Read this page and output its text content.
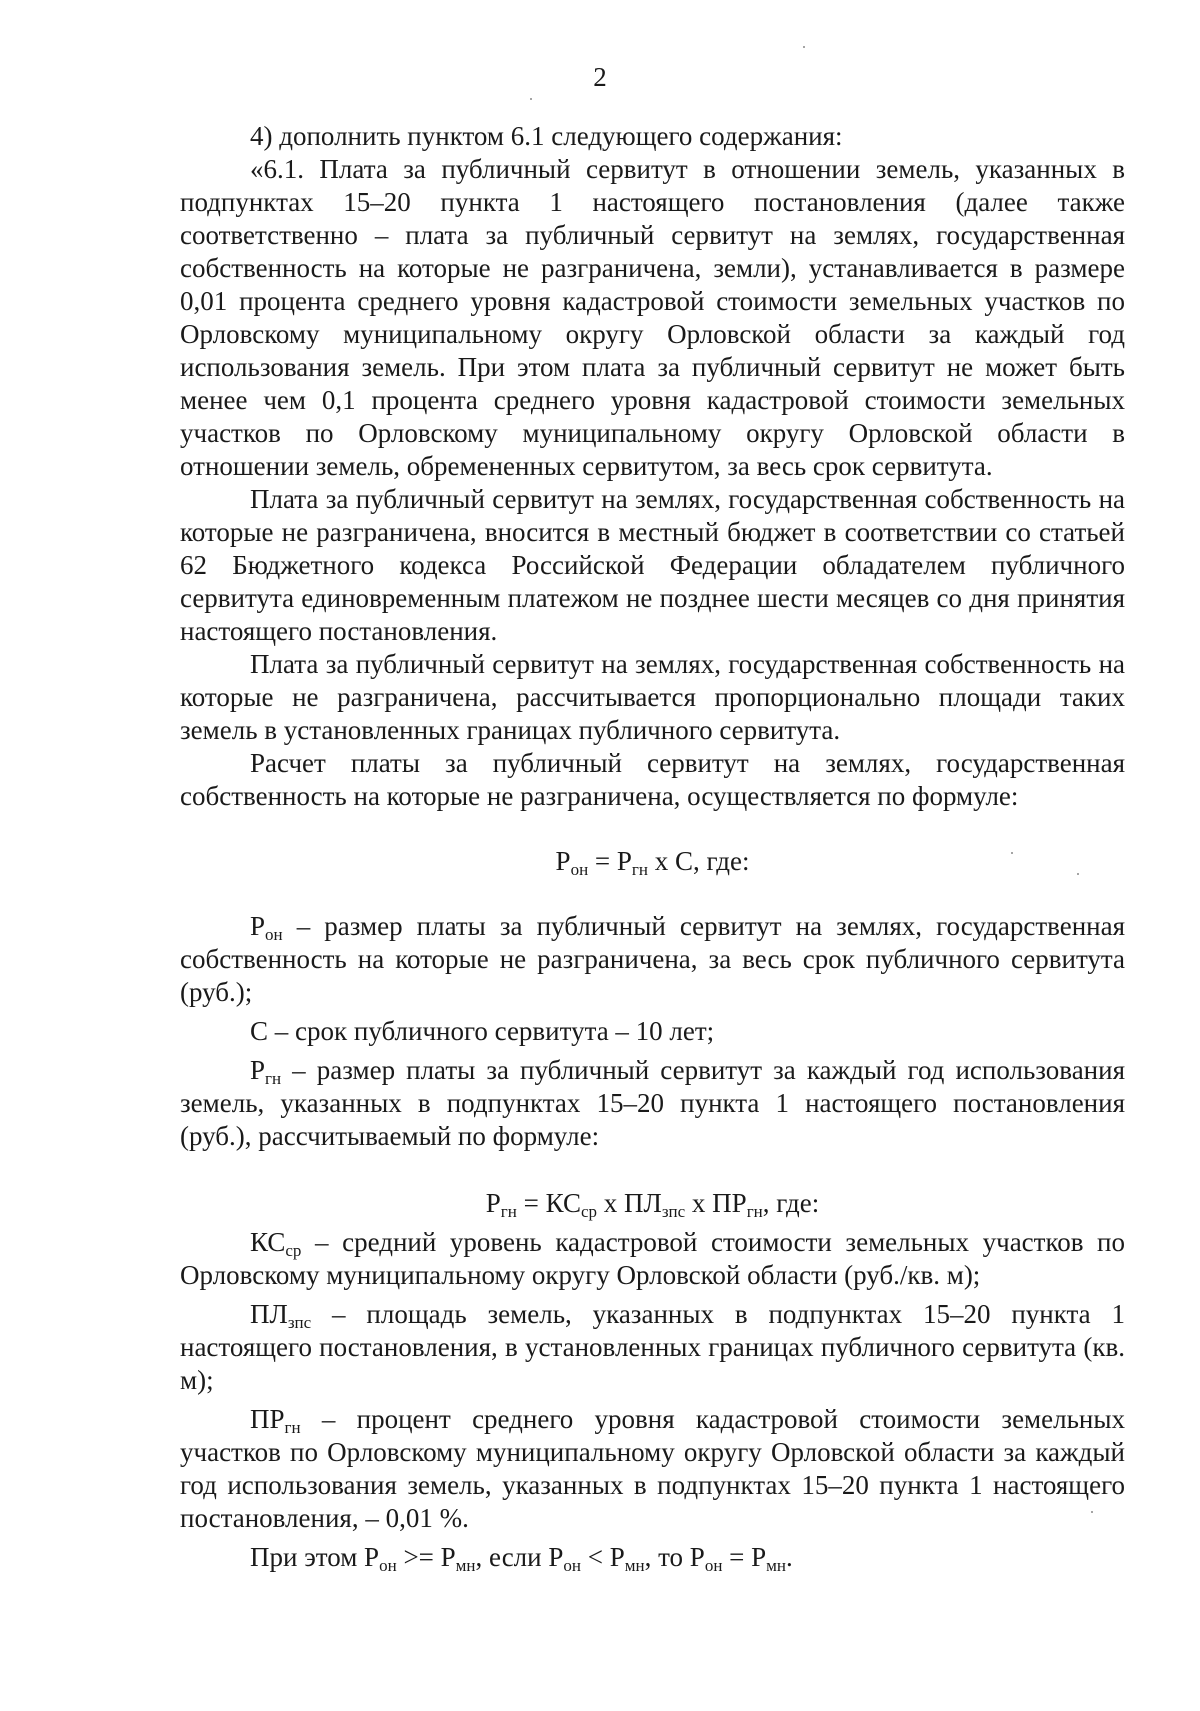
2

4) дополнить пунктом 6.1 следующего содержания:

«6.1. Плата за публичный сервитут в отношении земель, указанных в подпунктах 15–20 пункта 1 настоящего постановления (далее также соответственно – плата за публичный сервитут на землях, государственная собственность на которые не разграничена, земли), устанавливается в размере 0,01 процента среднего уровня кадастровой стоимости земельных участков по Орловскому муниципальному округу Орловской области за каждый год использования земель. При этом плата за публичный сервитут не может быть менее чем 0,1 процента среднего уровня кадастровой стоимости земельных участков по Орловскому муниципальному округу Орловской области в отношении земель, обремененных сервитутом, за весь срок сервитута.

Плата за публичный сервитут на землях, государственная собственность на которые не разграничена, вносится в местный бюджет в соответствии со статьей 62 Бюджетного кодекса Российской Федерации обладателем публичного сервитута единовременным платежом не позднее шести месяцев со дня принятия настоящего постановления.

Плата за публичный сервитут на землях, государственная собственность на которые не разграничена, рассчитывается пропорционально площади таких земель в установленных границах публичного сервитута.

Расчет платы за публичный сервитут на землях, государственная собственность на которые не разграничена, осуществляется по формуле:

$P_{он} = P_{гн}$ x C, где:

$P_{он}$ – размер платы за публичный сервитут на землях, государственная собственность на которые не разграничена, за весь срок публичного сервитута (руб.);

C – срок публичного сервитута – 10 лет;

$P_{гн}$ – размер платы за публичный сервитут за каждый год использования земель, указанных в подпунктах 15–20 пункта 1 настоящего постановления (руб.), рассчитываемый по формуле:

$P_{гн} = КС_{ср}$ x $ПЛ_{зпс}$ x $ПР_{гн}$, где:

$КС_{ср}$ – средний уровень кадастровой стоимости земельных участков по Орловскому муниципальному округу Орловской области (руб./кв. м);

$ПЛ_{зпс}$ – площадь земель, указанных в подпунктах 15–20 пункта 1 настоящего постановления, в установленных границах публичного сервитута (кв. м);

$ПР_{гн}$ – процент среднего уровня кадастровой стоимости земельных участков по Орловскому муниципальному округу Орловской области за каждый год использования земель, указанных в подпунктах 15–20 пункта 1 настоящего постановления, – 0,01 %.

При этом $P_{он} >= P_{мн}$, если $P_{он} < P_{мн}$, то $P_{он} = P_{мн}$.
